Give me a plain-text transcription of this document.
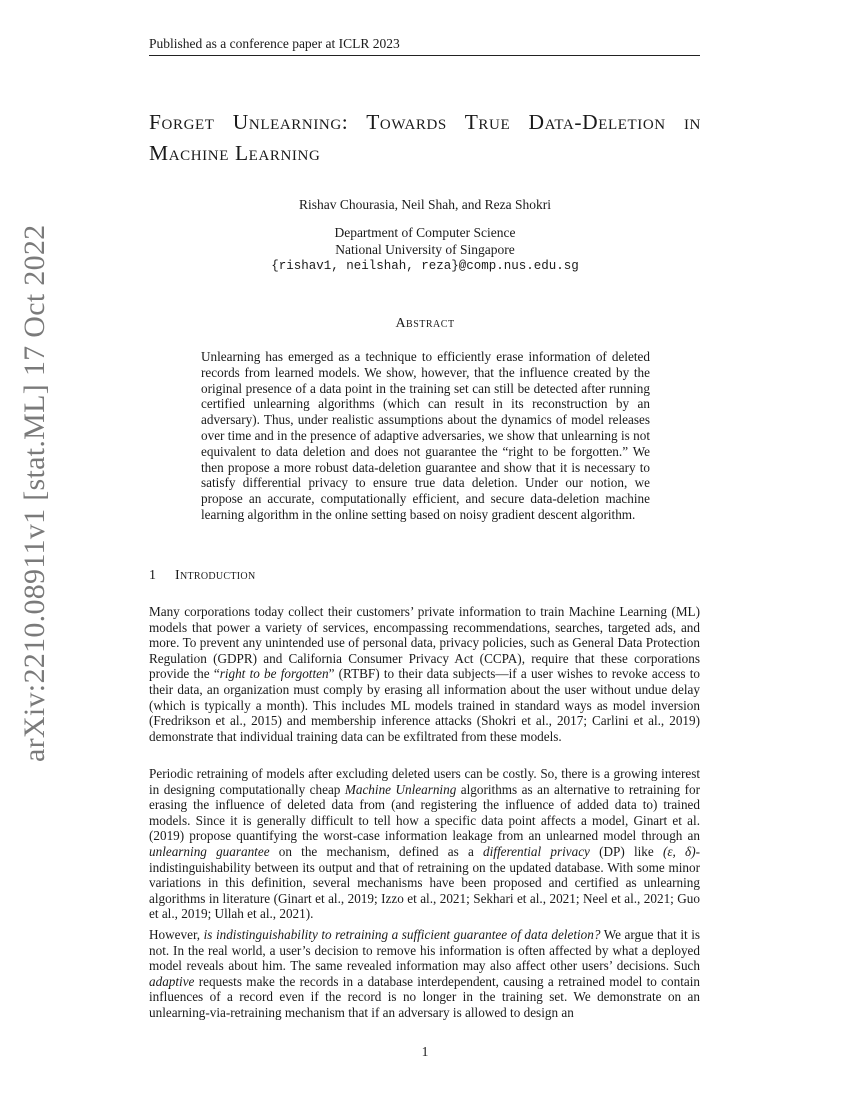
Published as a conference paper at ICLR 2023
arXiv:2210.08911v1 [stat.ML] 17 Oct 2022
Forget Unlearning: Towards True Data-Deletion in Machine Learning
Rishav Chourasia, Neil Shah, and Reza Shokri
Department of Computer Science
National University of Singapore
{rishav1, neilshah, reza}@comp.nus.edu.sg
Abstract

Unlearning has emerged as a technique to efficiently erase information of deleted records from learned models. We show, however, that the influence created by the original presence of a data point in the training set can still be detected after running certified unlearning algorithms (which can result in its reconstruction by an adversary). Thus, under realistic assumptions about the dynamics of model releases over time and in the presence of adaptive adversaries, we show that unlearning is not equivalent to data deletion and does not guarantee the “right to be forgotten.” We then propose a more robust data-deletion guarantee and show that it is necessary to satisfy differential privacy to ensure true data deletion. Under our notion, we propose an accurate, computationally efficient, and secure data-deletion machine learning algorithm in the online setting based on noisy gradient descent algorithm.

1 Introduction

Many corporations today collect their customers’ private information to train Machine Learning (ML) models that power a variety of services, encompassing recommendations, searches, targeted ads, and more. To prevent any unintended use of personal data, privacy policies, such as General Data Protection Regulation (GDPR) and California Consumer Privacy Act (CCPA), require that these corporations provide the “right to be forgotten” (RTBF) to their data subjects—if a user wishes to revoke access to their data, an organization must comply by erasing all information about the user without undue delay (which is typically a month). This includes ML models trained in standard ways as model inversion (Fredrikson et al., 2015) and membership inference attacks (Shokri et al., 2017; Carlini et al., 2019) demonstrate that individual training data can be exfiltrated from these models.

Periodic retraining of models after excluding deleted users can be costly. So, there is a growing interest in designing computationally cheap Machine Unlearning algorithms as an alternative to retraining for erasing the influence of deleted data from (and registering the influence of added data to) trained models. Since it is generally difficult to tell how a specific data point affects a model, Ginart et al. (2019) propose quantifying the worst-case information leakage from an unlearned model through an unlearning guarantee on the mechanism, defined as a differential privacy (DP) like (ε, δ)-indistinguishability between its output and that of retraining on the updated database. With some minor variations in this definition, several mechanisms have been proposed and certified as unlearning algorithms in literature (Ginart et al., 2019; Izzo et al., 2021; Sekhari et al., 2021; Neel et al., 2021; Guo et al., 2019; Ullah et al., 2021).

However, is indistinguishability to retraining a sufficient guarantee of data deletion? We argue that it is not. In the real world, a user’s decision to remove his information is often affected by what a deployed model reveals about him. The same revealed information may also affect other users’ decisions. Such adaptive requests make the records in a database interdependent, causing a retrained model to contain influences of a record even if the record is no longer in the training set. We demonstrate on an unlearning-via-retraining mechanism that if an adversary is allowed to design an

1
